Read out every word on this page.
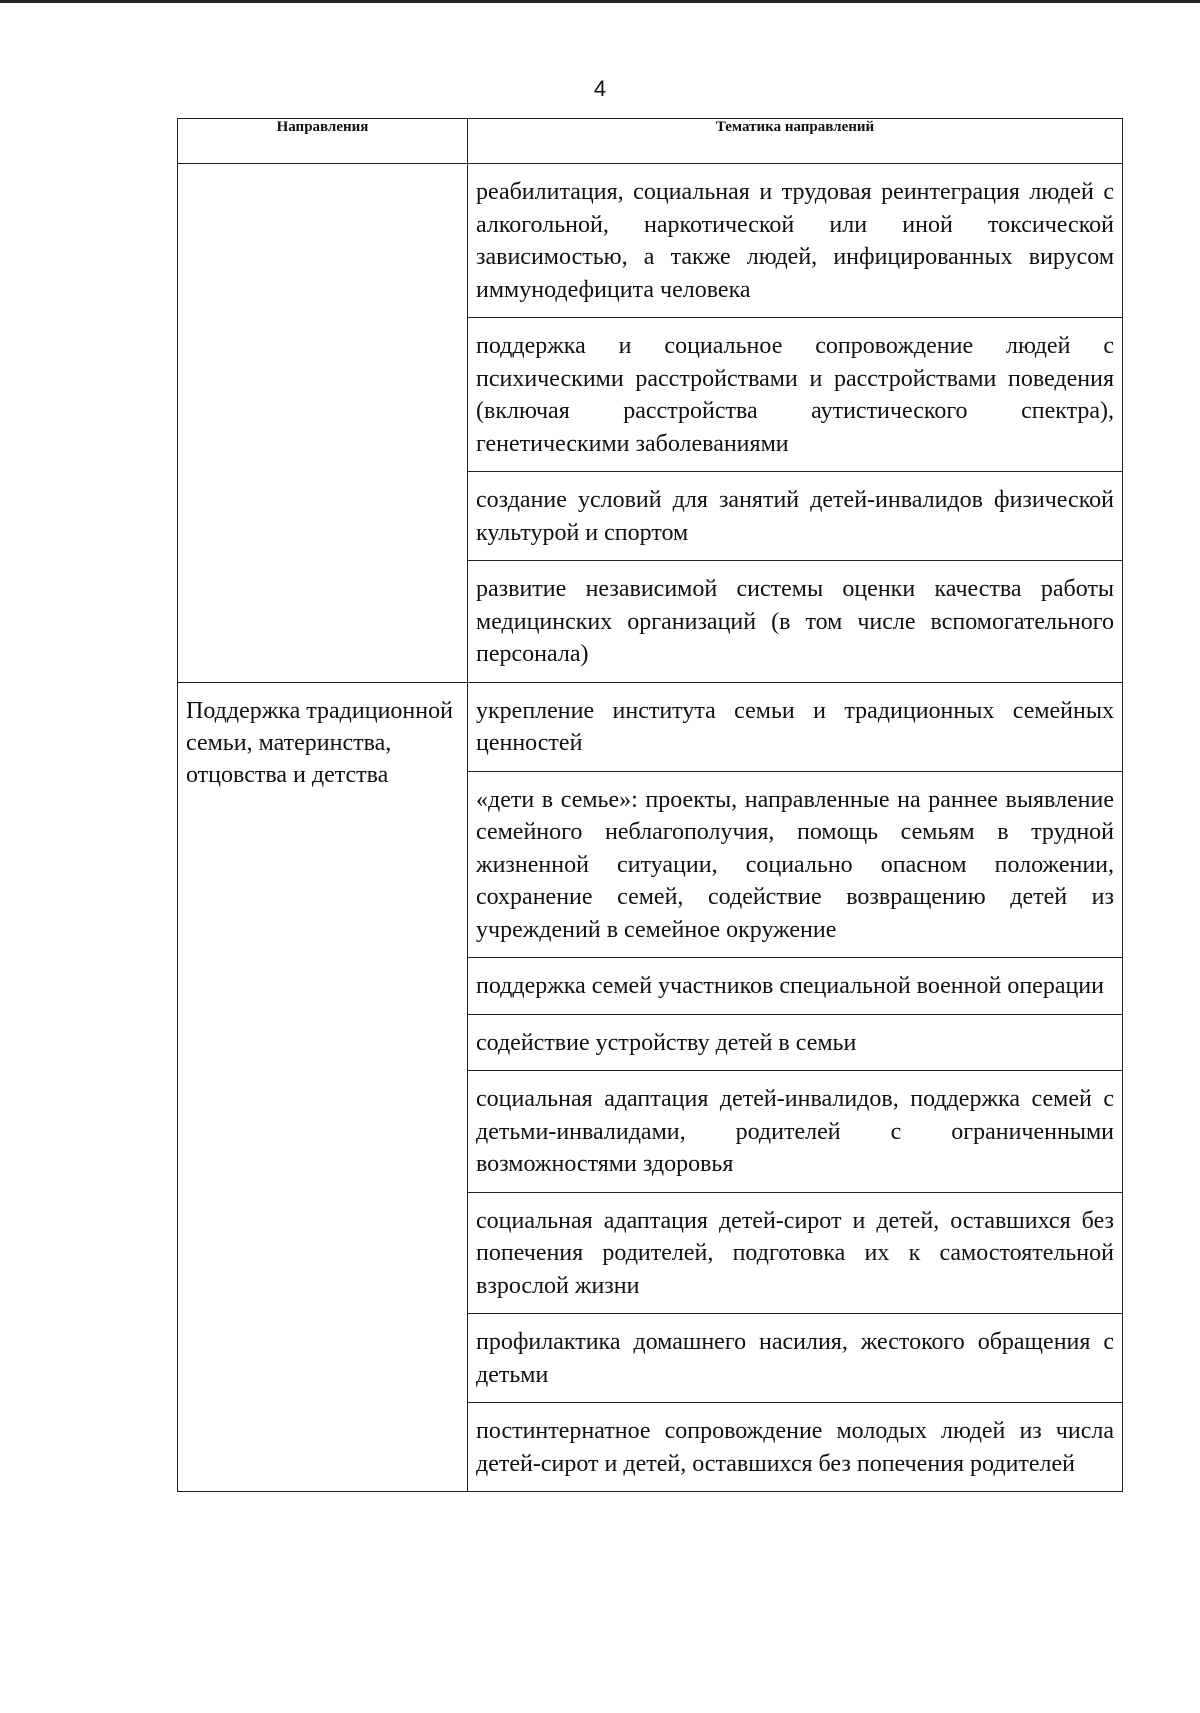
4
Направления	Тематика направлений
	реабилитация, социальная и трудовая реинтеграция людей с алкогольной, наркотической или иной токсической зависимостью, а также людей, инфицированных вирусом иммунодефицита человека
	поддержка и социальное сопровождение людей с психическими расстройствами и расстройствами поведения (включая расстройства аутистического спектра), генетическими заболеваниями
	создание условий для занятий детей-инвалидов физической культурой и спортом
	развитие независимой системы оценки качества работы медицинских организаций (в том числе вспомогательного персонала)
Поддержка традиционной семьи, материнства, отцовства и детства	укрепление института семьи и традиционных семейных ценностей
	«дети в семье»: проекты, направленные на раннее выявление семейного неблагополучия, помощь семьям в трудной жизненной ситуации, социально опасном положении, сохранение семей, содействие возвращению детей из учреждений в семейное окружение
	поддержка семей участников специальной военной операции
	содействие устройству детей в семьи
	социальная адаптация детей-инвалидов, поддержка семей с детьми-инвалидами, родителей с ограниченными возможностями здоровья
	социальная адаптация детей-сирот и детей, оставшихся без попечения родителей, подготовка их к самостоятельной взрослой жизни
	профилактика домашнего насилия, жестокого обращения с детьми
	постинтернатное сопровождение молодых людей из числа детей-сирот и детей, оставшихся без попечения родителей
